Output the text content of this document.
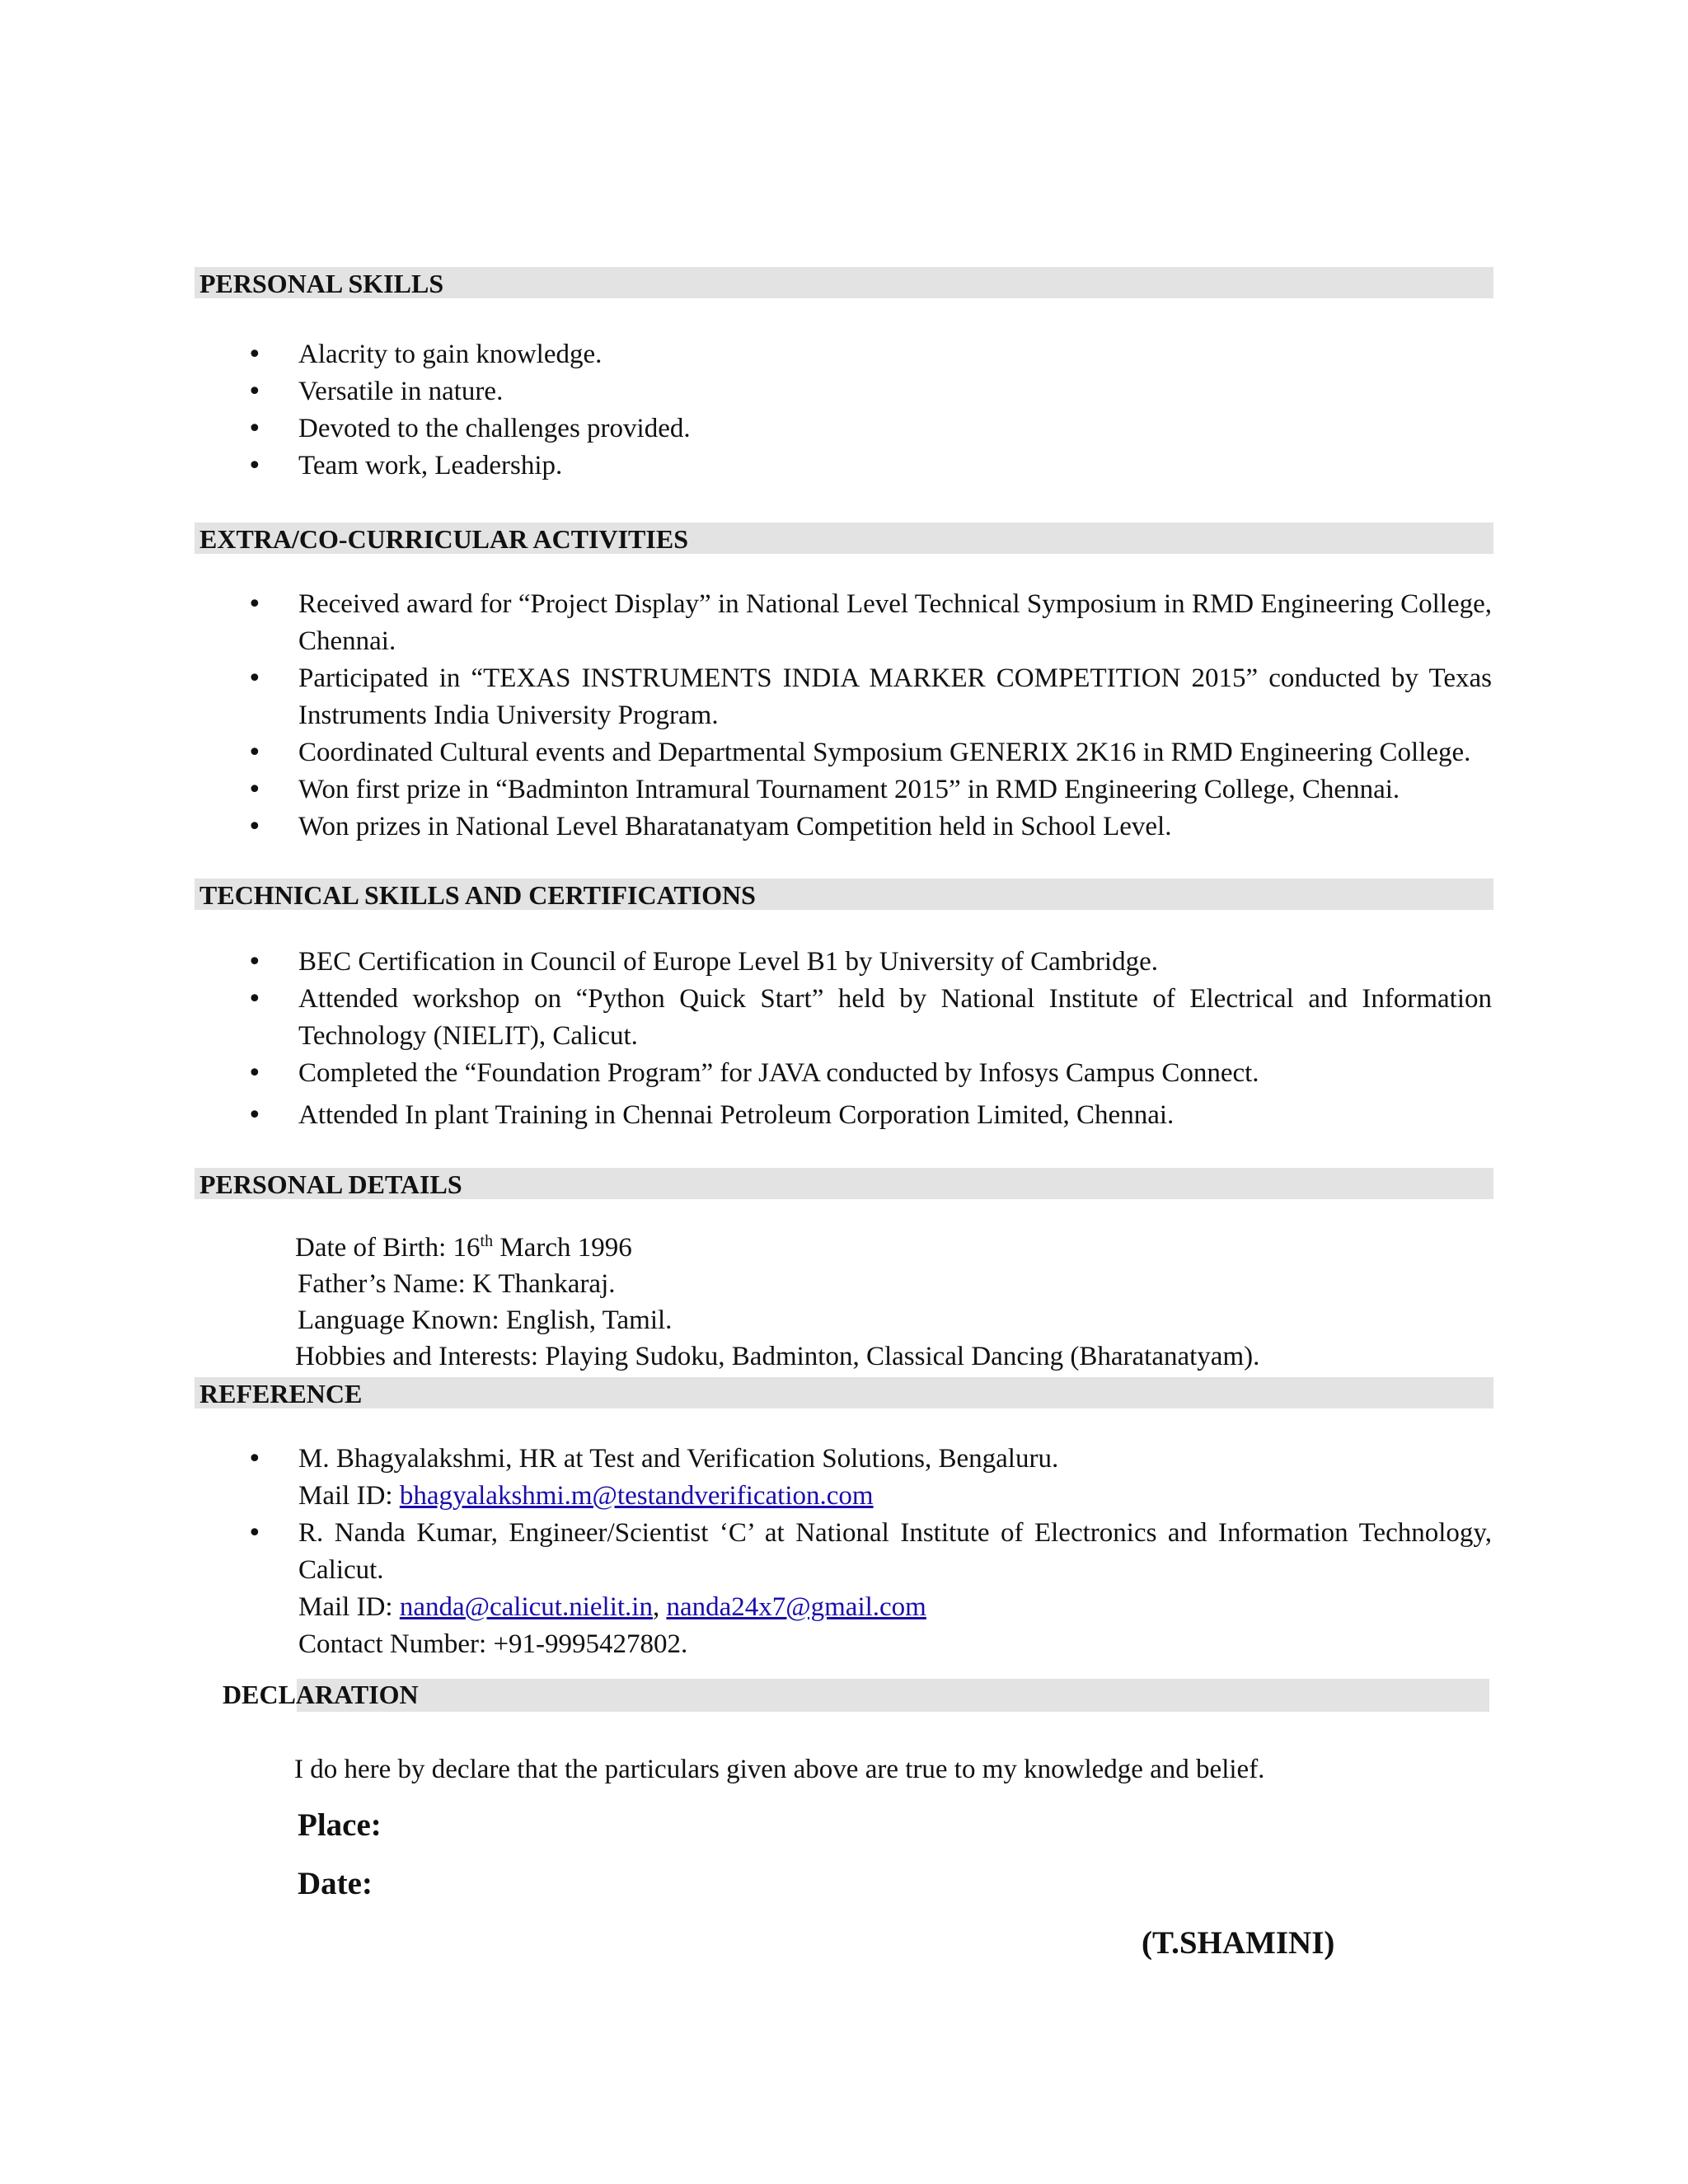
PERSONAL SKILLS
• Alacrity to gain knowledge.
• Versatile in nature.
• Devoted to the challenges provided.
• Team work, Leadership.
EXTRA/CO-CURRICULAR ACTIVITIES
• Received award for “Project Display” in National Level Technical Symposium in RMD Engineering College, Chennai.
• Participated in “TEXAS INSTRUMENTS INDIA MARKER COMPETITION 2015” conducted by Texas Instruments India University Program.
• Coordinated Cultural events and Departmental Symposium GENERIX 2K16 in RMD Engineering College.
• Won first prize in “Badminton Intramural Tournament 2015” in RMD Engineering College, Chennai.
• Won prizes in National Level Bharatanatyam Competition held in School Level.
TECHNICAL SKILLS AND CERTIFICATIONS
• BEC Certification in Council of Europe Level B1 by University of Cambridge.
• Attended workshop on “Python Quick Start” held by National Institute of Electrical and Information Technology (NIELIT), Calicut.
• Completed the “Foundation Program” for JAVA conducted by Infosys Campus Connect.
• Attended In plant Training in Chennai Petroleum Corporation Limited, Chennai.
PERSONAL DETAILS
Date of Birth: 16th March 1996
Father’s Name: K Thankaraj.
Language Known: English, Tamil.
Hobbies and Interests: Playing Sudoku, Badminton, Classical Dancing (Bharatanatyam).
REFERENCE
• M. Bhagyalakshmi, HR at Test and Verification Solutions, Bengaluru.
Mail ID: bhagyalakshmi.m@testandverification.com
• R. Nanda Kumar, Engineer/Scientist ‘C’ at National Institute of Electronics and Information Technology, Calicut.
Mail ID: nanda@calicut.nielit.in, nanda24x7@gmail.com
Contact Number: +91-9995427802.
DECLARATION
I do here by declare that the particulars given above are true to my knowledge and belief.
Place:
Date:
(T.SHAMINI)
